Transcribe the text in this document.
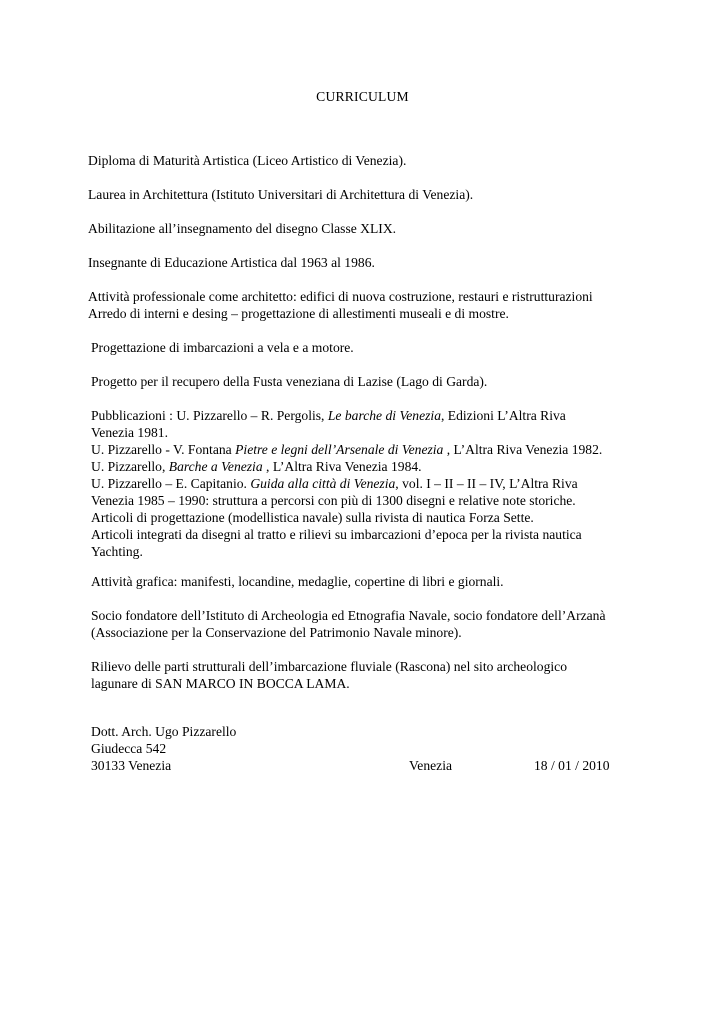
CURRICULUM
Diploma di Maturità Artistica (Liceo Artistico di Venezia).
Laurea in Architettura (Istituto Universitari di Architettura di Venezia).
Abilitazione all’insegnamento del disegno Classe XLIX.
Insegnante di Educazione Artistica dal 1963 al 1986.
Attività professionale come architetto: edifici di nuova costruzione, restauri e ristrutturazioni
Arredo di interni e desing – progettazione di allestimenti museali e di mostre.
Progettazione di imbarcazioni a vela e a motore.
Progetto per il recupero della Fusta veneziana di Lazise (Lago di Garda).
Pubblicazioni : U. Pizzarello – R. Pergolis, Le barche di Venezia, Edizioni L’Altra Riva
Venezia 1981.
U. Pizzarello - V. Fontana Pietre e legni dell’Arsenale di Venezia , L’Altra Riva Venezia 1982.
U. Pizzarello, Barche a Venezia , L’Altra Riva Venezia 1984.
U. Pizzarello – E. Capitanio. Guida alla città di Venezia, vol. I – II – II – IV, L’Altra Riva
Venezia 1985 – 1990: struttura a percorsi con più di 1300 disegni e relative note storiche.
Articoli di progettazione (modellistica navale) sulla rivista di nautica Forza Sette.
Articoli integrati da disegni al tratto e rilievi su imbarcazioni d’epoca per la rivista nautica
Yachting.
Attività grafica: manifesti, locandine, medaglie, copertine di libri e giornali.
Socio fondatore dell’Istituto di Archeologia ed Etnografia Navale, socio fondatore dell’Arzanà
(Associazione per la Conservazione del Patrimonio Navale minore).
Rilievo delle parti strutturali dell’imbarcazione fluviale (Rascona) nel sito archeologico
lagunare di SAN MARCO IN BOCCA LAMA.
Dott. Arch. Ugo Pizzarello
Giudecca 542
30133 Venezia	Venezia	18 / 01 / 2010
